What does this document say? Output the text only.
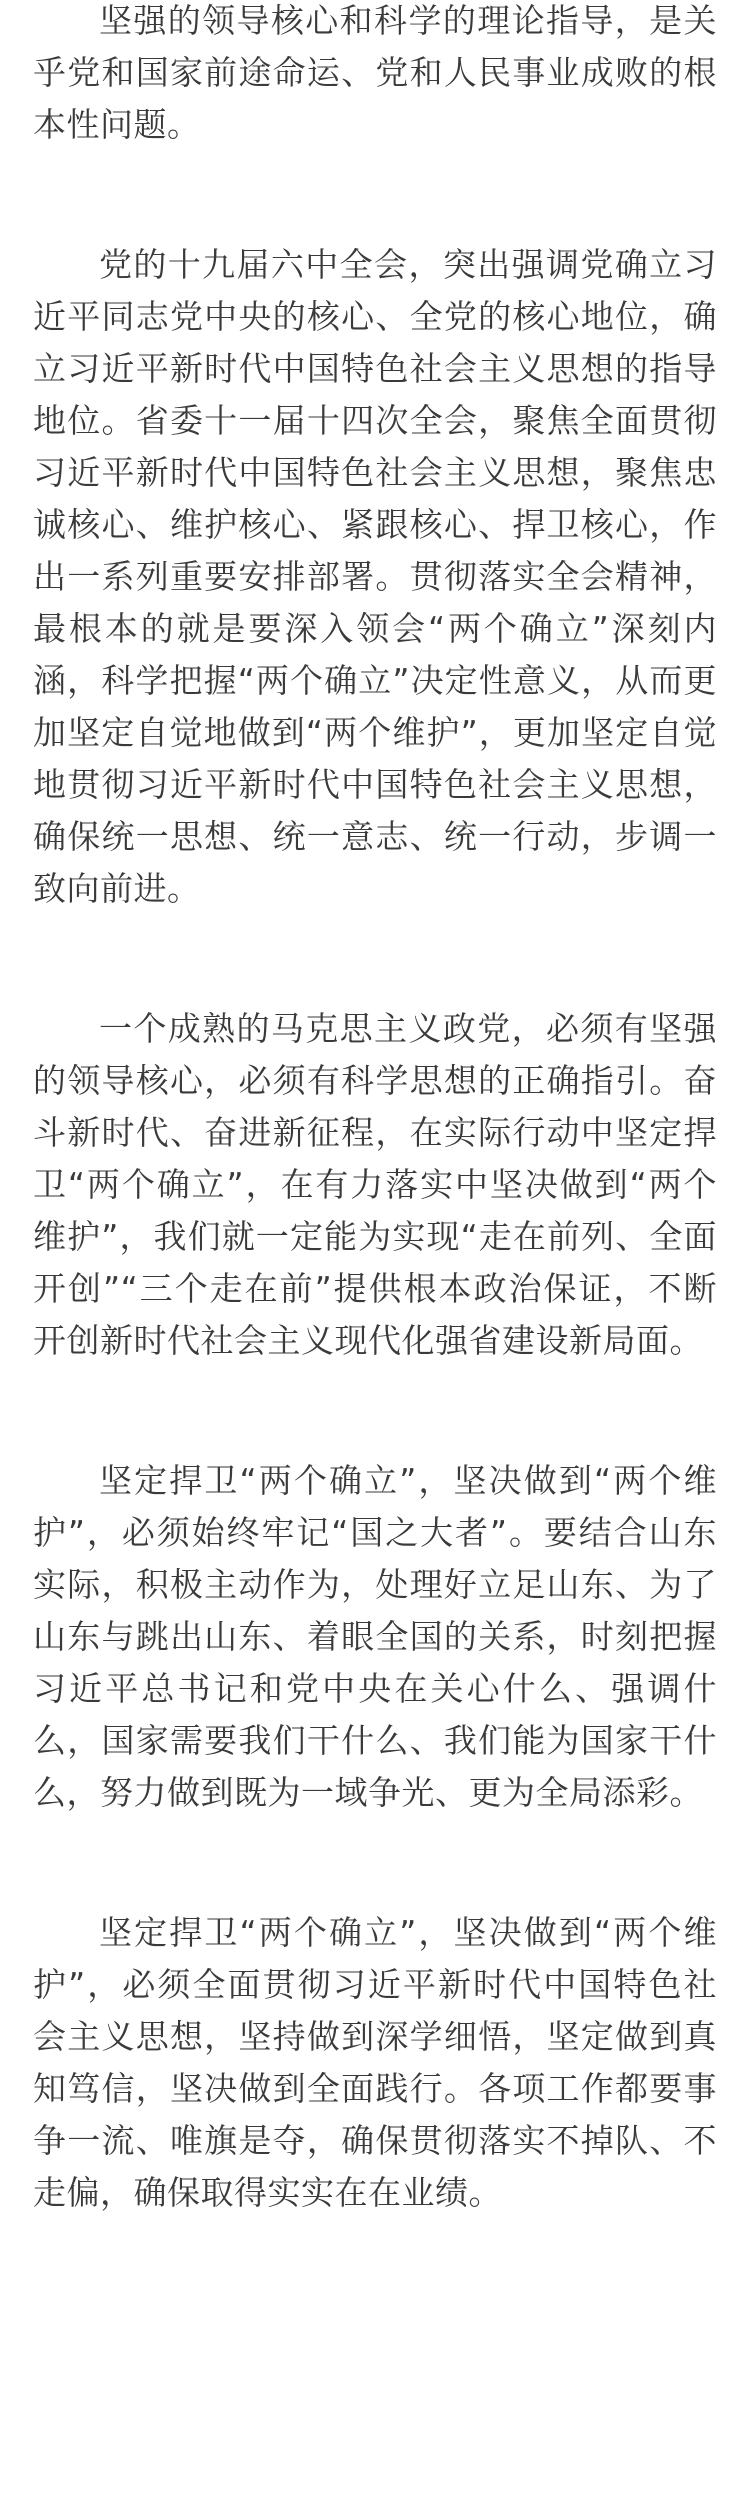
坚强的领导核心和科学的理论指导，是关乎党和国家前途命运、党和人民事业成败的根本性问题。

党的十九届六中全会，突出强调党确立习近平同志党中央的核心、全党的核心地位，确立习近平新时代中国特色社会主义思想的指导地位。省委十一届十四次全会，聚焦全面贯彻习近平新时代中国特色社会主义思想，聚焦忠诚核心、维护核心、紧跟核心、捍卫核心，作出一系列重要安排部署。贯彻落实全会精神，最根本的就是要深入领会“两个确立”深刻内涵，科学把握“两个确立”决定性意义，从而更加坚定自觉地做到“两个维护”，更加坚定自觉地贯彻习近平新时代中国特色社会主义思想，确保统一思想、统一意志、统一行动，步调一致向前进。

一个成熟的马克思主义政党，必须有坚强的领导核心，必须有科学思想的正确指引。奋斗新时代、奋进新征程，在实际行动中坚定捍卫“两个确立”，在有力落实中坚决做到“两个维护”，我们就一定能为实现“走在前列、全面开创”“三个走在前”提供根本政治保证，不断开创新时代社会主义现代化强省建设新局面。

坚定捍卫“两个确立”，坚决做到“两个维护”，必须始终牢记“国之大者”。要结合山东实际，积极主动作为，处理好立足山东、为了山东与跳出山东、着眼全国的关系，时刻把握习近平总书记和党中央在关心什么、强调什么，国家需要我们干什么、我们能为国家干什么，努力做到既为一域争光、更为全局添彩。

坚定捍卫“两个确立”，坚决做到“两个维护”，必须全面贯彻习近平新时代中国特色社会主义思想，坚持做到深学细悟，坚定做到真知笃信，坚决做到全面践行。各项工作都要事争一流、唯旗是夺，确保贯彻落实不掉队、不走偏，确保取得实实在在业绩。
